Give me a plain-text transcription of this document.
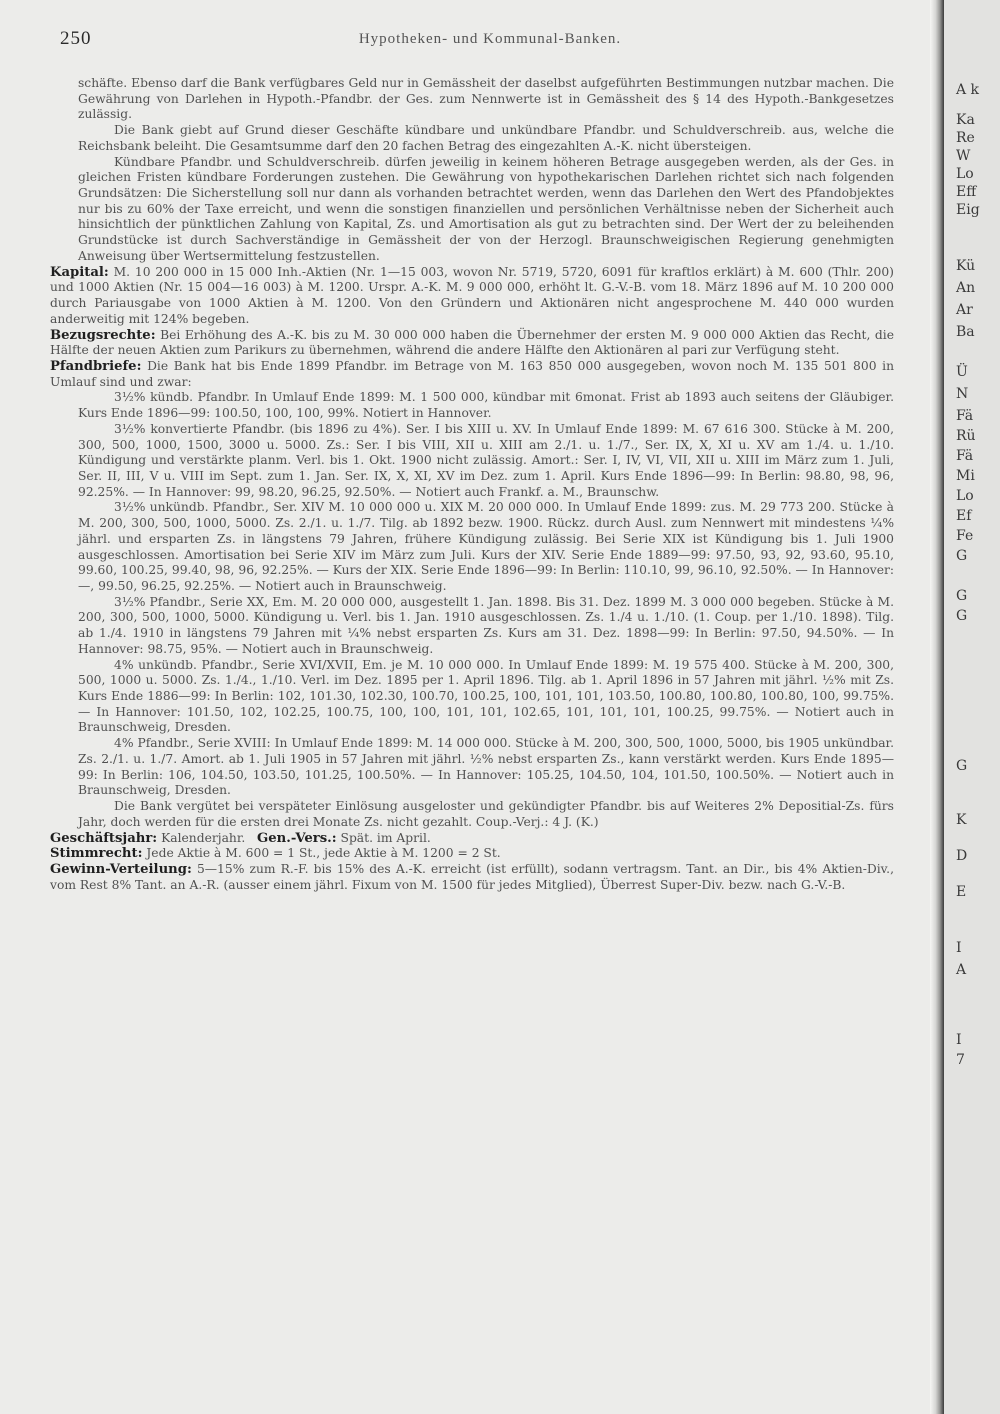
250	Hypotheken- und Kommunal-Banken.

schäfte. Ebenso darf die Bank verfügbares Geld nur in Gemässheit der daselbst aufgeführten Bestimmungen nutzbar machen. Die Gewährung von Darlehen in Hypoth.-Pfandbr. der Ges. zum Nennwerte ist in Gemässheit des § 14 des Hypoth.-Bankgesetzes zulässig.

Die Bank giebt auf Grund dieser Geschäfte kündbare und unkündbare Pfandbr. und Schuldverschreib. aus, welche die Reichsbank beleiht. Die Gesamtsumme darf den 20 fachen Betrag des eingezahlten A.-K. nicht übersteigen.

Kündbare Pfandbr. und Schuldverschreib. dürfen jeweilig in keinem höheren Betrage ausgegeben werden, als der Ges. in gleichen Fristen kündbare Forderungen zustehen. Die Gewährung von hypothekarischen Darlehen richtet sich nach folgenden Grundsätzen: Die Sicherstellung soll nur dann als vorhanden betrachtet werden, wenn das Darlehen den Wert des Pfandobjektes nur bis zu 60% der Taxe erreicht, und wenn die sonstigen finanziellen und persönlichen Verhältnisse neben der Sicherheit auch hinsichtlich der pünktlichen Zahlung von Kapital, Zs. und Amortisation als gut zu betrachten sind. Der Wert der zu beleihenden Grundstücke ist durch Sachverständige in Gemässheit der von der Herzogl. Braunschweigischen Regierung genehmigten Anweisung über Wertsermittelung festzustellen.

Kapital: M. 10 200 000 in 15 000 Inh.-Aktien (Nr. 1—15 003, wovon Nr. 5719, 5720, 6091 für kraftlos erklärt) à M. 600 (Thlr. 200) und 1000 Aktien (Nr. 15 004—16 003) à M. 1200. Urspr. A.-K. M. 9 000 000, erhöht lt. G.-V.-B. vom 18. März 1896 auf M. 10 200 000 durch Pariausgabe von 1000 Aktien à M. 1200. Von den Gründern und Aktionären nicht angesprochene M. 440 000 wurden anderweitig mit 124% begeben.

Bezugsrechte: Bei Erhöhung des A.-K. bis zu M. 30 000 000 haben die Übernehmer der ersten M. 9 000 000 Aktien das Recht, die Hälfte der neuen Aktien zum Parikurs zu übernehmen, während die andere Hälfte den Aktionären al pari zur Verfügung steht.

Pfandbriefe: Die Bank hat bis Ende 1899 Pfandbr. im Betrage von M. 163 850 000 ausgegeben, wovon noch M. 135 501 800 in Umlauf sind und zwar:

3½% kündb. Pfandbr. In Umlauf Ende 1899: M. 1 500 000, kündbar mit 6monat. Frist ab 1893 auch seitens der Gläubiger. Kurs Ende 1896—99: 100.50, 100, 100, 99%. Notiert in Hannover.

3½% konvertierte Pfandbr. (bis 1896 zu 4%). Ser. I bis XIII u. XV. In Umlauf Ende 1899: M. 67 616 300. Stücke à M. 200, 300, 500, 1000, 1500, 3000 u. 5000. Zs.: Ser. I bis VIII, XII u. XIII am 2./1. u. 1./7., Ser. IX, X, XI u. XV am 1./4. u. 1./10. Kündigung und verstärkte planm. Verl. bis 1. Okt. 1900 nicht zulässig. Amort.: Ser. I, IV, VI, VII, XII u. XIII im März zum 1. Juli, Ser. II, III, V u. VIII im Sept. zum 1. Jan. Ser. IX, X, XI, XV im Dez. zum 1. April. Kurs Ende 1896—99: In Berlin: 98.80, 98, 96, 92.25%. — In Hannover: 99, 98.20, 96.25, 92.50%. — Notiert auch Frankf. a. M., Braunschw.

3½% unkündb. Pfandbr., Ser. XIV M. 10 000 000 u. XIX M. 20 000 000. In Umlauf Ende 1899: zus. M. 29 773 200. Stücke à M. 200, 300, 500, 1000, 5000. Zs. 2./1. u. 1./7. Tilg. ab 1892 bezw. 1900. Rückz. durch Ausl. zum Nennwert mit mindestens ¼% jährl. und ersparten Zs. in längstens 79 Jahren, frühere Kündigung zulässig. Bei Serie XIX ist Kündigung bis 1. Juli 1900 ausgeschlossen. Amortisation bei Serie XIV im März zum Juli. Kurs der XIV. Serie Ende 1889—99: 97.50, 93, 92, 93.60, 95.10, 99.60, 100.25, 99.40, 98, 96, 92.25%. — Kurs der XIX. Serie Ende 1896—99: In Berlin: 110.10, 99, 96.10, 92.50%. — In Hannover: —, 99.50, 96.25, 92.25%. — Notiert auch in Braunschweig.

3½% Pfandbr., Serie XX, Em. M. 20 000 000, ausgestellt 1. Jan. 1898. Bis 31. Dez. 1899 M. 3 000 000 begeben. Stücke à M. 200, 300, 500, 1000, 5000. Kündigung u. Verl. bis 1. Jan. 1910 ausgeschlossen. Zs. 1./4 u. 1./10. (1. Coup. per 1./10. 1898). Tilg. ab 1./4. 1910 in längstens 79 Jahren mit ¼% nebst ersparten Zs. Kurs am 31. Dez. 1898—99: In Berlin: 97.50, 94.50%. — In Hannover: 98.75, 95%. — Notiert auch in Braunschweig.

4% unkündb. Pfandbr., Serie XVI/XVII, Em. je M. 10 000 000. In Umlauf Ende 1899: M. 19 575 400. Stücke à M. 200, 300, 500, 1000 u. 5000. Zs. 1./4., 1./10. Verl. im Dez. 1895 per 1. April 1896. Tilg. ab 1. April 1896 in 57 Jahren mit jährl. ½% mit Zs. Kurs Ende 1886—99: In Berlin: 102, 101.30, 102.30, 100.70, 100.25, 100, 101, 101, 103.50, 100.80, 100.80, 100.80, 100, 99.75%. — In Hannover: 101.50, 102, 102.25, 100.75, 100, 100, 101, 101, 102.65, 101, 101, 101, 100.25, 99.75%. — Notiert auch in Braunschweig, Dresden.

4% Pfandbr., Serie XVIII: In Umlauf Ende 1899: M. 14 000 000. Stücke à M. 200, 300, 500, 1000, 5000, bis 1905 unkündbar. Zs. 2./1. u. 1./7. Amort. ab 1. Juli 1905 in 57 Jahren mit jährl. ½% nebst ersparten Zs., kann verstärkt werden. Kurs Ende 1895—99: In Berlin: 106, 104.50, 103.50, 101.25, 100.50%. — In Hannover: 105.25, 104.50, 104, 101.50, 100.50%. — Notiert auch in Braunschweig, Dresden.

Die Bank vergütet bei verspäteter Einlösung ausgeloster und gekündigter Pfandbr. bis auf Weiteres 2% Depositial-Zs. fürs Jahr, doch werden für die ersten drei Monate Zs. nicht gezahlt. Coup.-Verj.: 4 J. (K.)

Geschäftsjahr: Kalenderjahr. Gen.-Vers.: Spät. im April.

Stimmrecht: Jede Aktie à M. 600 = 1 St., jede Aktie à M. 1200 = 2 St.

Gewinn-Verteilung: 5—15% zum R.-F. bis 15% des A.-K. erreicht (ist erfüllt), sodann vertragsm. Tant. an Dir., bis 4% Aktien-Div., vom Rest 8% Tant. an A.-R. (ausser einem jährl. Fixum von M. 1500 für jedes Mitglied), Überrest Super-Div. bezw. nach G.-V.-B.

A k
Ka
Re
W
Lo
Eff
Eig
Kü
An
Ar
Ba
Ü
N
Fä
Rü
Fä
Mi
Lo
Ef
Fe
G
G
G
G
K
D
E
I
A
I
7
